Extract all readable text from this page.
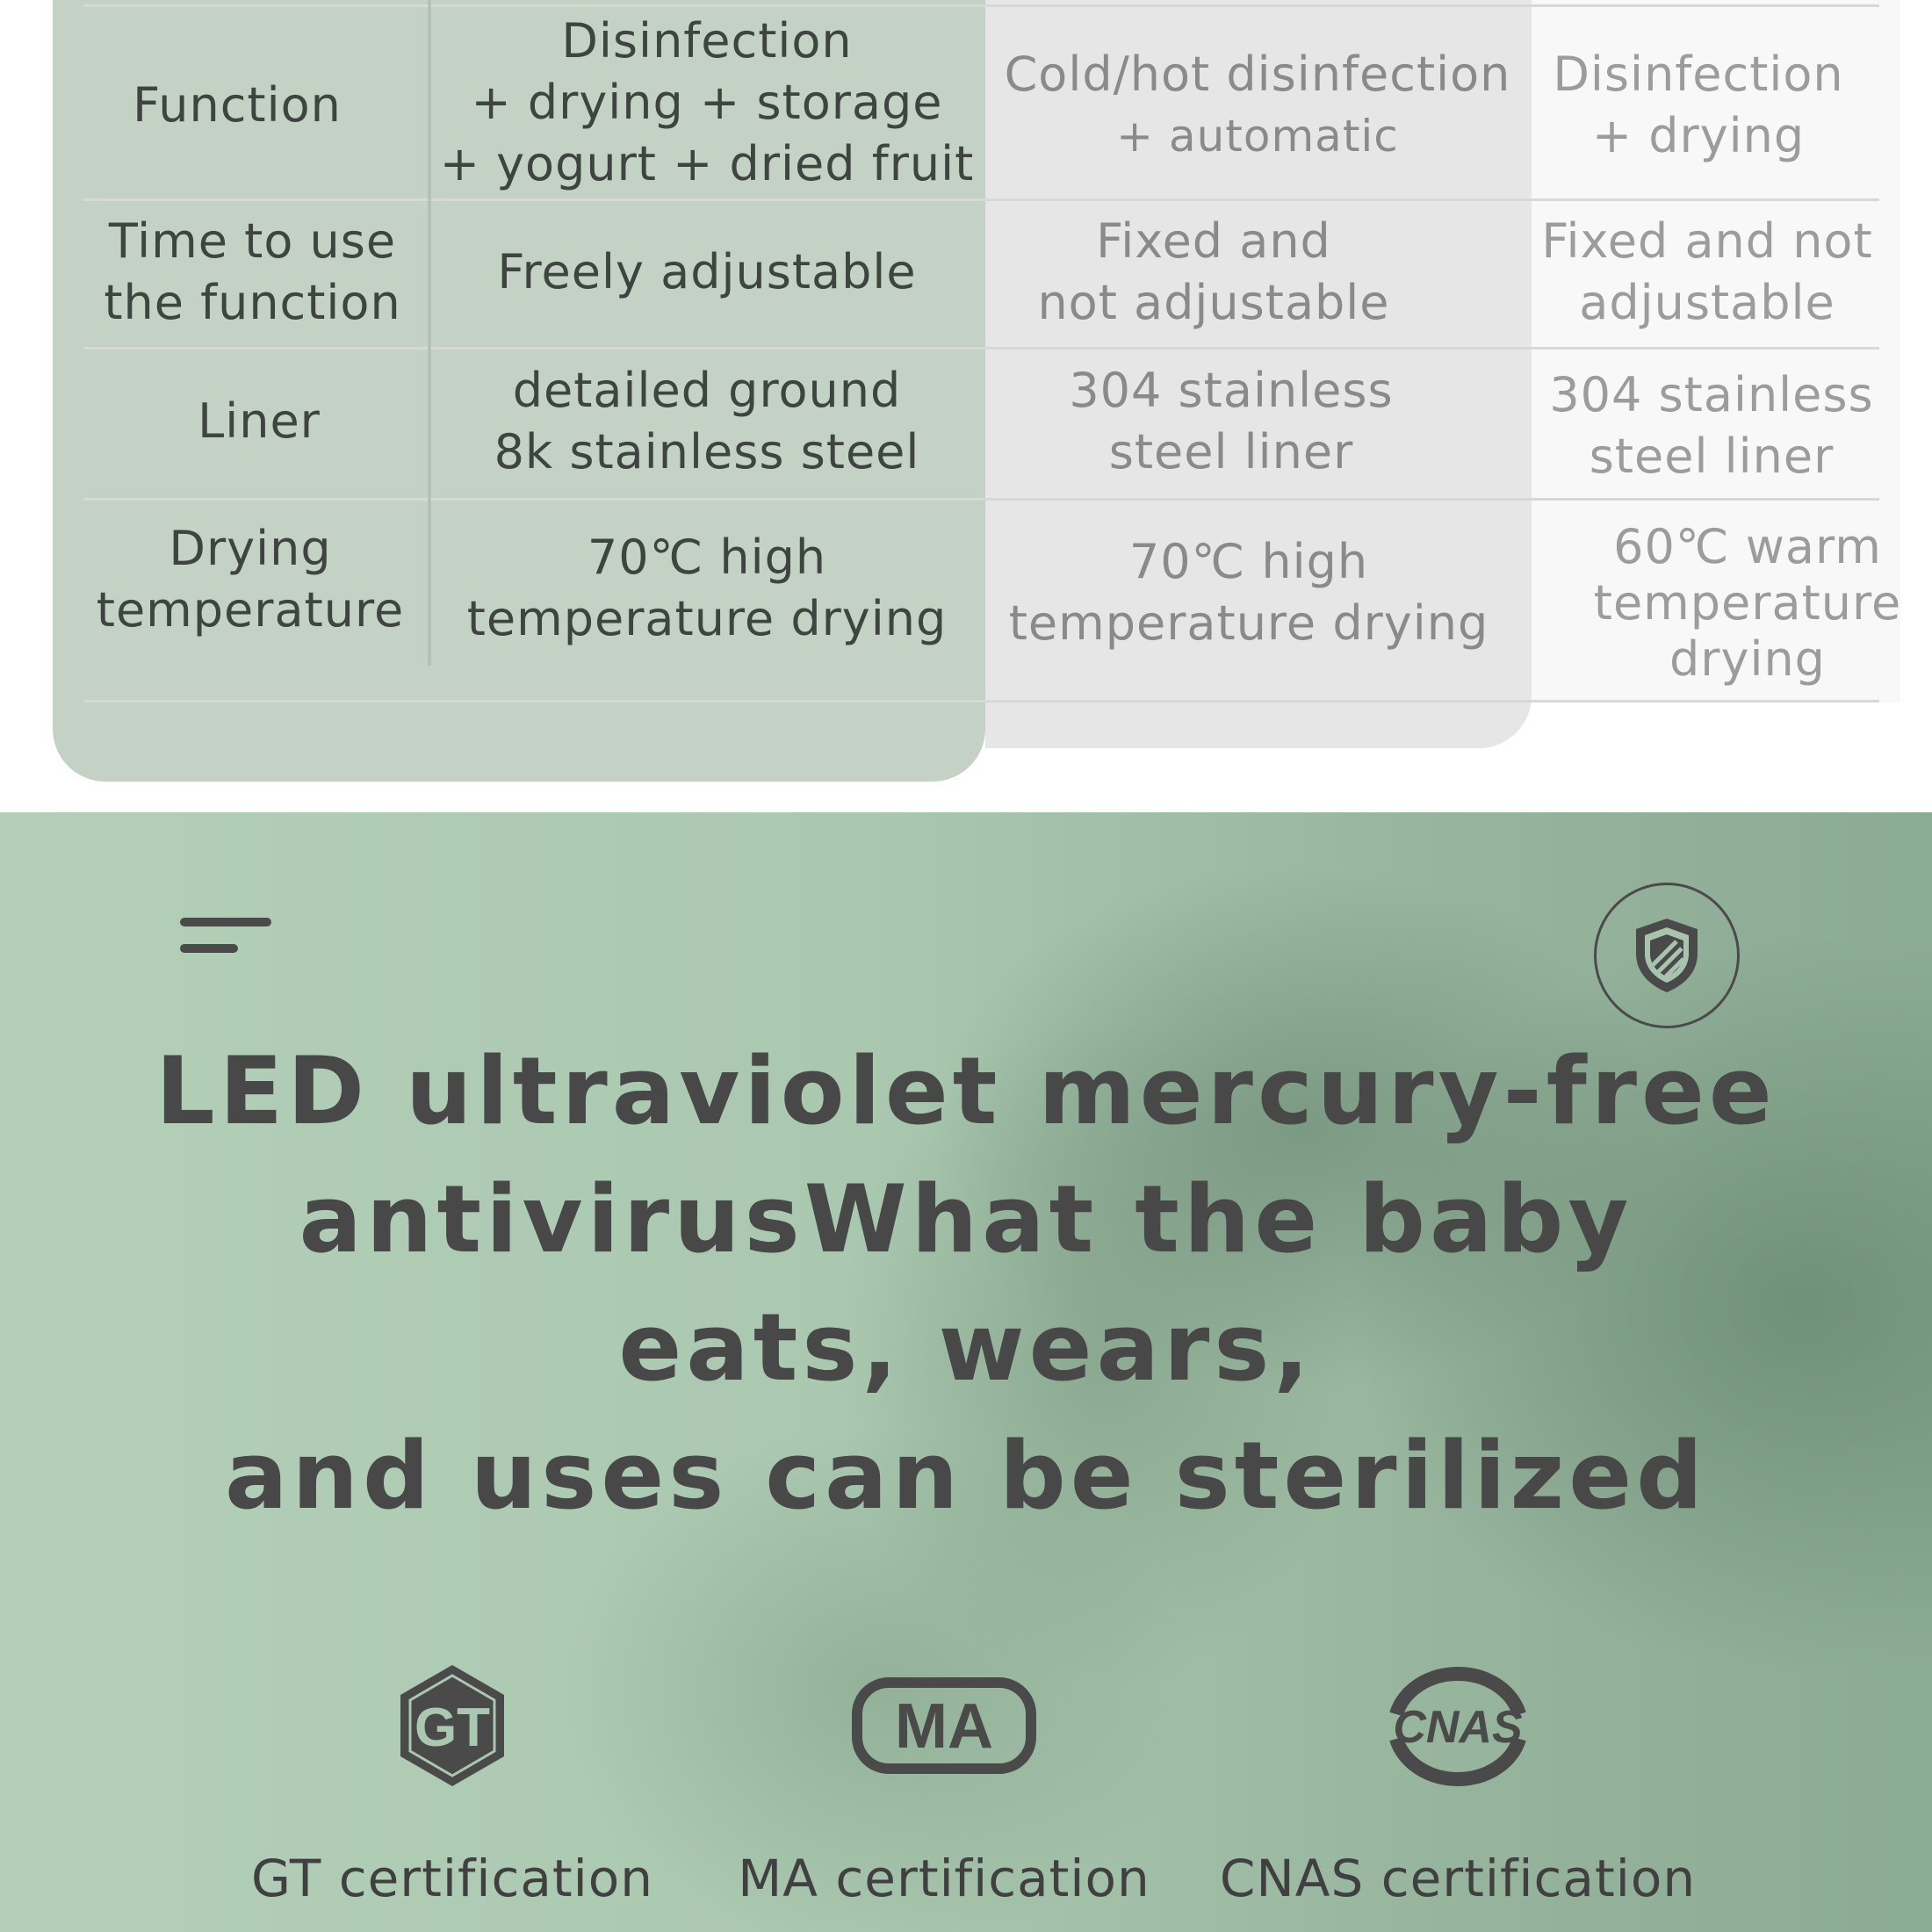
Function
Disinfection
+ drying + storage
+ yogurt + dried fruit
Cold/hot disinfection
+ automatic
Disinfection
+ drying
Time to use
the function
Freely adjustable
Fixed and
not adjustable
Fixed and not
adjustable
Liner
detailed ground
8k stainless steel
304 stainless
steel liner
304 stainless
steel liner
Drying
temperature
70℃ high
temperature drying
70℃ high
temperature drying
60℃ warm
temperature
drying
LED ultraviolet mercury-free
antivirusWhat the baby
eats, wears,
and uses can be sterilized
GT
GT certification
MA
MA certification
CNAS
CNAS certification
